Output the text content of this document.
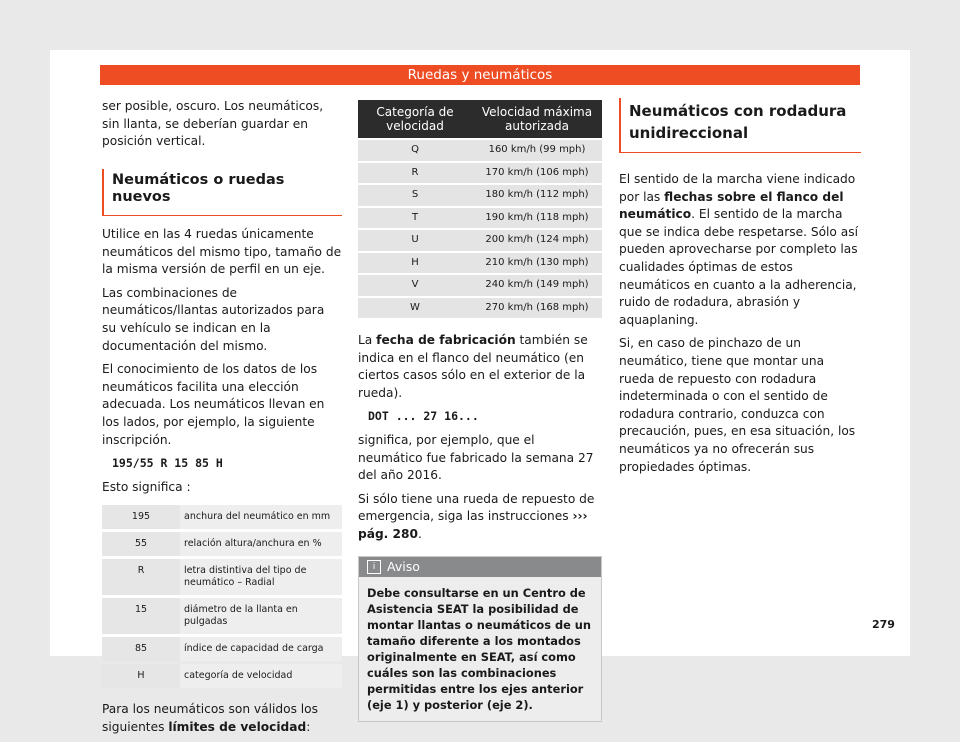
Ruedas y neumáticos

ser posible, oscuro. Los neumáticos, sin llanta, se deberían guardar en posición vertical.

Neumáticos o ruedas nuevos

Utilice en las 4 ruedas únicamente neumáticos del mismo tipo, tamaño de la misma versión de perfil en un eje.

Las combinaciones de neumáticos/llantas autorizados para su vehículo se indican en la documentación del mismo.

El conocimiento de los datos de los neumáticos facilita una elección adecuada. Los neumáticos llevan en los lados, por ejemplo, la siguiente inscripción.

195/55 R 15 85 H

Esto significa :

195	anchura del neumático en mm
55	relación altura/anchura en %
R	letra distintiva del tipo de neumático – Radial
15	diámetro de la llanta en pulgadas
85	índice de capacidad de carga
H	categoría de velocidad

Para los neumáticos son válidos los siguientes límites de velocidad:

Categoría de velocidad	Velocidad máxima autorizada
Q	160 km/h (99 mph)
R	170 km/h (106 mph)
S	180 km/h (112 mph)
T	190 km/h (118 mph)
U	200 km/h (124 mph)
H	210 km/h (130 mph)
V	240 km/h (149 mph)
W	270 km/h (168 mph)

La fecha de fabricación también se indica en el flanco del neumático (en ciertos casos sólo en el exterior de la rueda).

DOT ... 27 16...

significa, por ejemplo, que el neumático fue fabricado la semana 27 del año 2016.

Si sólo tiene una rueda de repuesto de emergencia, siga las instrucciones ››› pág. 280.

i Aviso
Debe consultarse en un Centro de Asistencia SEAT la posibilidad de montar llantas o neumáticos de un tamaño diferente a los montados originalmente en SEAT, así como cuáles son las combinaciones permitidas entre los ejes anterior (eje 1) y posterior (eje 2).
Neumáticos con rodadura unidireccional

El sentido de la marcha viene indicado por las flechas sobre el flanco del neumático. El sentido de la marcha que se indica debe respetarse. Sólo así pueden aprovecharse por completo las cualidades óptimas de estos neumáticos en cuanto a la adherencia, ruido de rodadura, abrasión y aquaplaning.

Si, en caso de pinchazo de un neumático, tiene que montar una rueda de repuesto con rodadura indeterminada o con el sentido de rodadura contrario, conduzca con precaución, pues, en esa situación, los neumáticos ya no ofrecerán sus propiedades óptimas.

279
